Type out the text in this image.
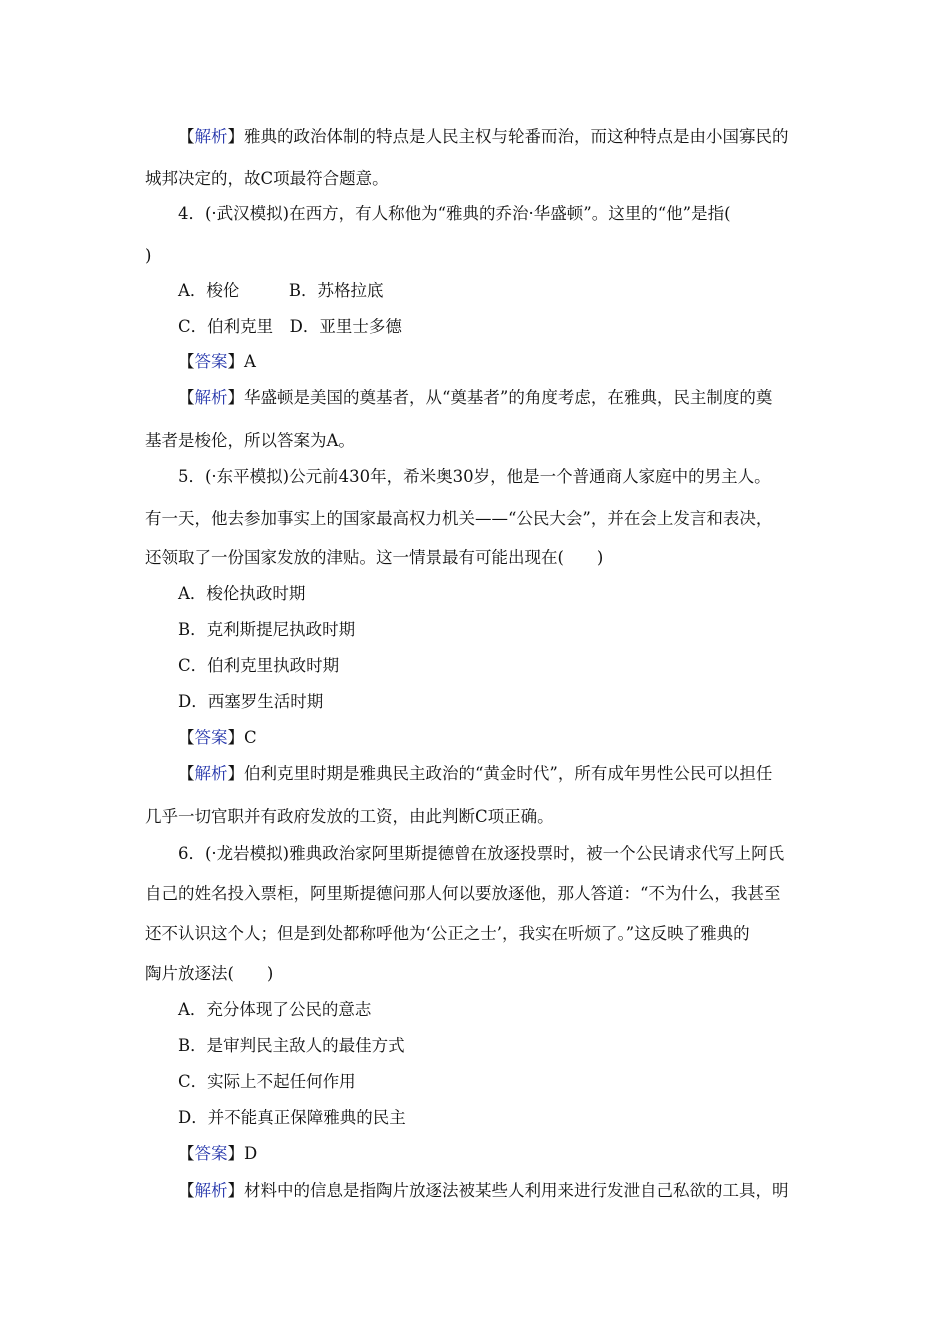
【解析】雅典的政治体制的特点是人民主权与轮番而治，而这种特点是由小国寡民的
城邦决定的，故C项最符合题意。
4．(·武汉模拟)在西方，有人称他为“雅典的乔治·华盛顿”。这里的“他”是指(
)
A．梭伦　　　B．苏格拉底
C．伯利克里　D．亚里士多德
【答案】A
【解析】华盛顿是美国的奠基者，从“奠基者”的角度考虑，在雅典，民主制度的奠
基者是梭伦，所以答案为A。
5．(·东平模拟)公元前430年，希米奥30岁，他是一个普通商人家庭中的男主人。
有一天，他去参加事实上的国家最高权力机关——“公民大会”，并在会上发言和表决，
还领取了一份国家发放的津贴。这一情景最有可能出现在(　　)
A．梭伦执政时期
B．克利斯提尼执政时期
C．伯利克里执政时期
D．西塞罗生活时期
【答案】C
【解析】伯利克里时期是雅典民主政治的“黄金时代”，所有成年男性公民可以担任
几乎一切官职并有政府发放的工资，由此判断C项正确。
6．(·龙岩模拟)雅典政治家阿里斯提德曾在放逐投票时，被一个公民请求代写上阿氏
自己的姓名投入票柜，阿里斯提德问那人何以要放逐他，那人答道：“不为什么，我甚至
还不认识这个人；但是到处都称呼他为‘公正之士’，我实在听烦了。”这反映了雅典的
陶片放逐法(　　)
A．充分体现了公民的意志
B．是审判民主敌人的最佳方式
C．实际上不起任何作用
D．并不能真正保障雅典的民主
【答案】D
【解析】材料中的信息是指陶片放逐法被某些人利用来进行发泄自己私欲的工具，明
